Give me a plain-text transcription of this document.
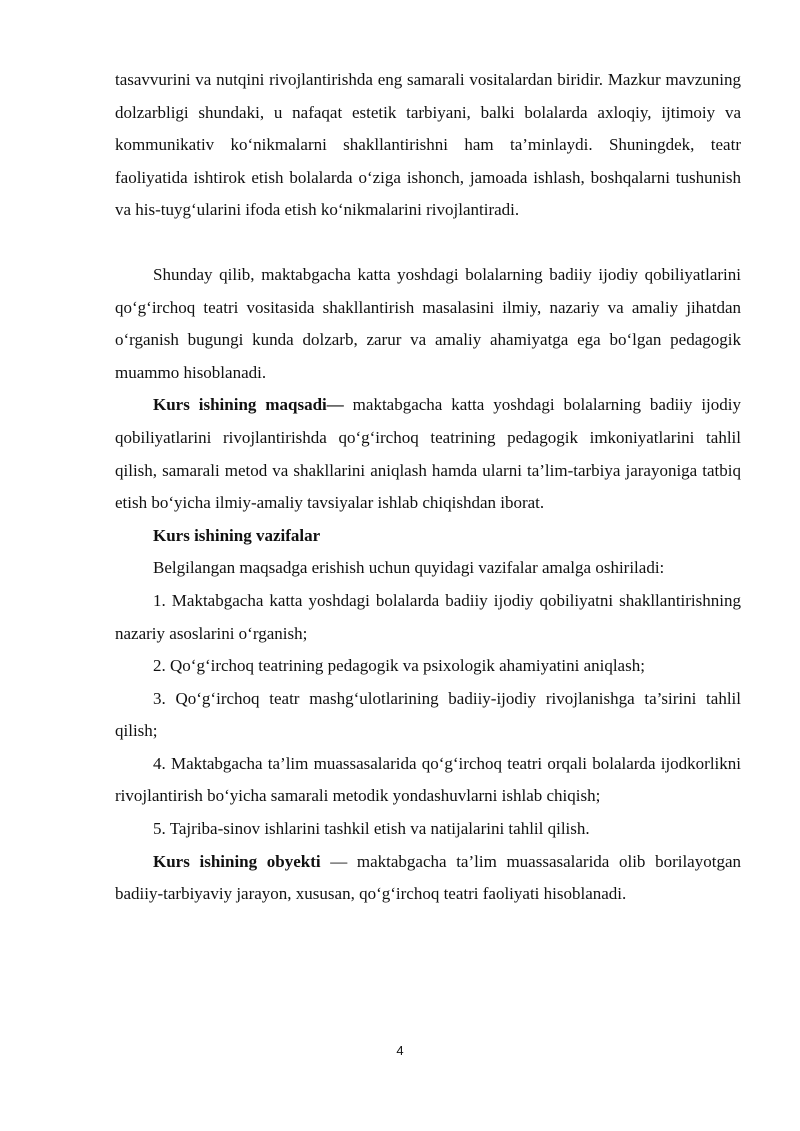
tasavvurini va nutqini rivojlantirishda eng samarali vositalardan biridir. Mazkur mavzuning dolzarbligi shundaki, u nafaqat estetik tarbiyani, balki bolalarda axloqiy, ijtimoiy va kommunikativ ko‘nikmalarni shakllantirishni ham ta’minlaydi. Shuningdek, teatr faoliyatida ishtirok etish bolalarda o‘ziga ishonch, jamoada ishlash, boshqalarni tushunish va his-tuyg‘ularini ifoda etish ko‘nikmalarini rivojlantiradi.

Shunday qilib, maktabgacha katta yoshdagi bolalarning badiiy ijodiy qobiliyatlarini qo‘g‘irchoq teatri vositasida shakllantirish masalasini ilmiy, nazariy va amaliy jihatdan o‘rganish bugungi kunda dolzarb, zarur va amaliy ahamiyatga ega bo‘lgan pedagogik muammo hisoblanadi.

Kurs ishining maqsadi— maktabgacha katta yoshdagi bolalarning badiiy ijodiy qobiliyatlarini rivojlantirishda qo‘g‘irchoq teatrining pedagogik imkoniyatlarini tahlil qilish, samarali metod va shakllarini aniqlash hamda ularni ta’lim-tarbiya jarayoniga tatbiq etish bo‘yicha ilmiy-amaliy tavsiyalar ishlab chiqishdan iborat.

Kurs ishining vazifalar

Belgilangan maqsadga erishish uchun quyidagi vazifalar amalga oshiriladi:

1. Maktabgacha katta yoshdagi bolalarda badiiy ijodiy qobiliyatni shakllantirishning nazariy asoslarini o‘rganish;

2. Qo‘g‘irchoq teatrining pedagogik va psixologik ahamiyatini aniqlash;

3. Qo‘g‘irchoq teatr mashg‘ulotlarining badiiy-ijodiy rivojlanishga ta’sirini tahlil qilish;

4. Maktabgacha ta’lim muassasalarida qo‘g‘irchoq teatri orqali bolalarda ijodkorlikni rivojlantirish bo‘yicha samarali metodik yondashuvlarni ishlab chiqish;

5. Tajriba-sinov ishlarini tashkil etish va natijalarini tahlil qilish.

Kurs ishining obyekti — maktabgacha ta’lim muassasalarida olib borilayotgan badiiy-tarbiyaviy jarayon, xususan, qo‘g‘irchoq teatri faoliyati hisoblanadi.

4
